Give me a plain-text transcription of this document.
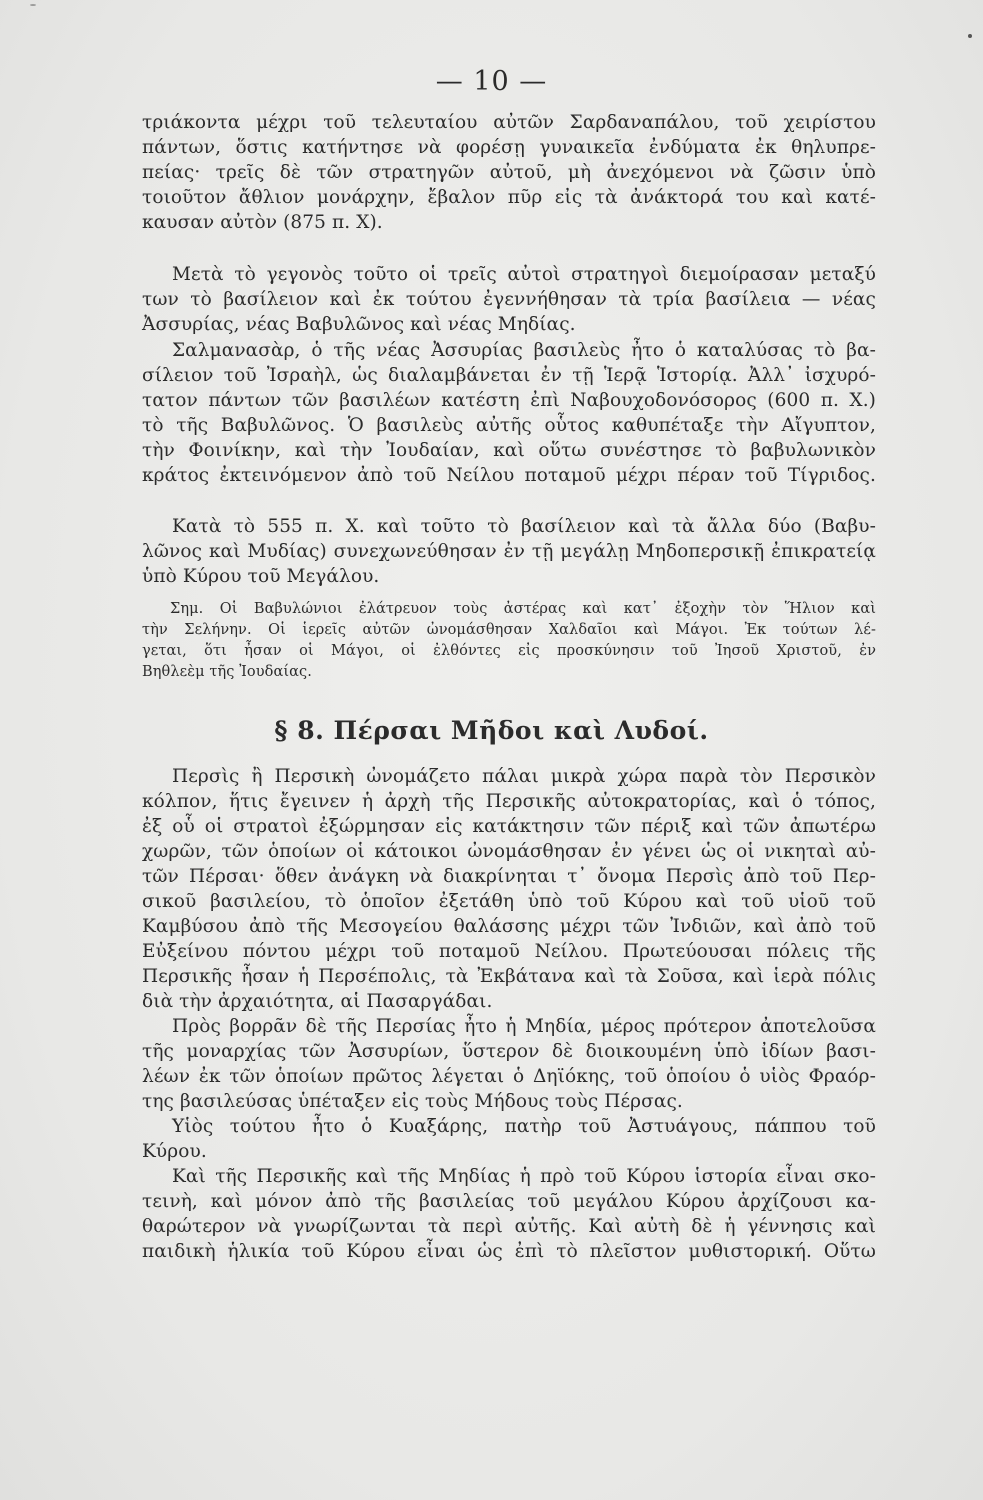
— 10 —
τριάκοντα μέχρι τοῦ τελευταίου αὐτῶν Σαρδαναπάλου, τοῦ χειρίστου
πάντων, ὅστις κατήντησε νὰ φορέσῃ γυναικεῖα ἐνδύματα ἐκ θηλυπρε-
πείας· τρεῖς δὲ τῶν στρατηγῶν αὐτοῦ, μὴ ἀνεχόμενοι νὰ ζῶσιν ὑπὸ
τοιοῦτον ἄθλιον μονάρχην, ἔβαλον πῦρ εἰς τὰ ἀνάκτορά του καὶ κατέ-
καυσαν αὐτὸν (875 π. Χ).
Μετὰ τὸ γεγονὸς τοῦτο οἱ τρεῖς αὐτοὶ στρατηγοὶ διεμοίρασαν μεταξύ
των τὸ βασίλειον καὶ ἐκ τούτου ἐγεννήθησαν τὰ τρία βασίλεια — νέας
Ἀσσυρίας, νέας Βαβυλῶνος καὶ νέας Μηδίας.
Σαλμανασὰρ, ὁ τῆς νέας Ἀσσυρίας βασιλεὺς ἦτο ὁ καταλύσας τὸ βα-
σίλειον τοῦ Ἰσραὴλ, ὡς διαλαμβάνεται ἐν τῇ Ἱερᾷ Ἱστορίᾳ. Ἀλλ᾽ ἰσχυρό-
τατον πάντων τῶν βασιλέων κατέστη ἐπὶ Ναβουχοδονόσορος (600 π. Χ.)
τὸ τῆς Βαβυλῶνος. Ὁ βασιλεὺς αὐτῆς οὗτος καθυπέταξε τὴν Αἴγυπτον,
τὴν Φοινίκην, καὶ τὴν Ἰουδαίαν, καὶ οὕτω συνέστησε τὸ βαβυλωνικὸν
κράτος ἐκτεινόμενον ἀπὸ τοῦ Νείλου ποταμοῦ μέχρι πέραν τοῦ Τίγριδος.
Κατὰ τὸ 555 π. Χ. καὶ τοῦτο τὸ βασίλειον καὶ τὰ ἄλλα δύο (Βαβυ-
λῶνος καὶ Μυδίας) συνεχωνεύθησαν ἐν τῇ μεγάλῃ Μηδοπερσικῇ ἐπικρατείᾳ
ὑπὸ Κύρου τοῦ Μεγάλου.
Σημ. Οἱ Βαβυλώνιοι ἐλάτρευον τοὺς ἀστέρας καὶ κατ᾽ ἐξοχὴν τὸν Ἥλιον καὶ
τὴν Σελήνην. Οἱ ἱερεῖς αὐτῶν ὠνομάσθησαν Χαλδαῖοι καὶ Μάγοι. Ἐκ τούτων λέ-
γεται, ὅτι ἦσαν οἱ Μάγοι, οἱ ἐλθόντες εἰς προσκύνησιν τοῦ Ἰησοῦ Χριστοῦ, ἐν
Βηθλεὲμ τῆς Ἰουδαίας.
§ 8. Πέρσαι Μῆδοι καὶ Λυδοί.
Περσὶς ἢ Περσικὴ ὠνομάζετο πάλαι μικρὰ χώρα παρὰ τὸν Περσικὸν
κόλπον, ἥτις ἔγεινεν ἡ ἀρχὴ τῆς Περσικῆς αὐτοκρατορίας, καὶ ὁ τόπος,
ἐξ οὗ οἱ στρατοὶ ἐξώρμησαν εἰς κατάκτησιν τῶν πέριξ καὶ τῶν ἀπωτέρω
χωρῶν, τῶν ὁποίων οἱ κάτοικοι ὠνομάσθησαν ἐν γένει ὡς οἱ νικηταὶ αὐ-
τῶν Πέρσαι· ὅθεν ἀνάγκη νὰ διακρίνηται τ᾽ ὄνομα Περσὶς ἀπὸ τοῦ Περ-
σικοῦ βασιλείου, τὸ ὁποῖον ἐξετάθη ὑπὸ τοῦ Κύρου καὶ τοῦ υἱοῦ τοῦ
Καμβύσου ἀπὸ τῆς Μεσογείου θαλάσσης μέχρι τῶν Ἰνδιῶν, καὶ ἀπὸ τοῦ
Εὐξείνου πόντου μέχρι τοῦ ποταμοῦ Νείλου. Πρωτεύουσαι πόλεις τῆς
Περσικῆς ἦσαν ἡ Περσέπολις, τὰ Ἐκβάτανα καὶ τὰ Σοῦσα, καὶ ἱερὰ πόλις
διὰ τὴν ἀρχαιότητα, αἱ Πασαργάδαι.
Πρὸς βορρᾶν δὲ τῆς Περσίας ἦτο ἡ Μηδία, μέρος πρότερον ἀποτελοῦσα
τῆς μοναρχίας τῶν Ἀσσυρίων, ὕστερον δὲ διοικουμένη ὑπὸ ἰδίων βασι-
λέων ἐκ τῶν ὁποίων πρῶτος λέγεται ὁ Δηϊόκης, τοῦ ὁποίου ὁ υἱὸς Φραόρ-
της βασιλεύσας ὑπέταξεν εἰς τοὺς Μήδους τοὺς Πέρσας.
Υἱὸς τούτου ἦτο ὁ Κυαξάρης, πατὴρ τοῦ Ἀστυάγους, πάππου τοῦ
Κύρου.
Καὶ τῆς Περσικῆς καὶ τῆς Μηδίας ἡ πρὸ τοῦ Κύρου ἱστορία εἶναι σκο-
τεινὴ, καὶ μόνον ἀπὸ τῆς βασιλείας τοῦ μεγάλου Κύρου ἀρχίζουσι κα-
θαρώτερον νὰ γνωρίζωνται τὰ περὶ αὐτῆς. Καὶ αὐτὴ δὲ ἡ γέννησις καὶ
παιδικὴ ἡλικία τοῦ Κύρου εἶναι ὡς ἐπὶ τὸ πλεῖστον μυθιστορική. Οὕτω
